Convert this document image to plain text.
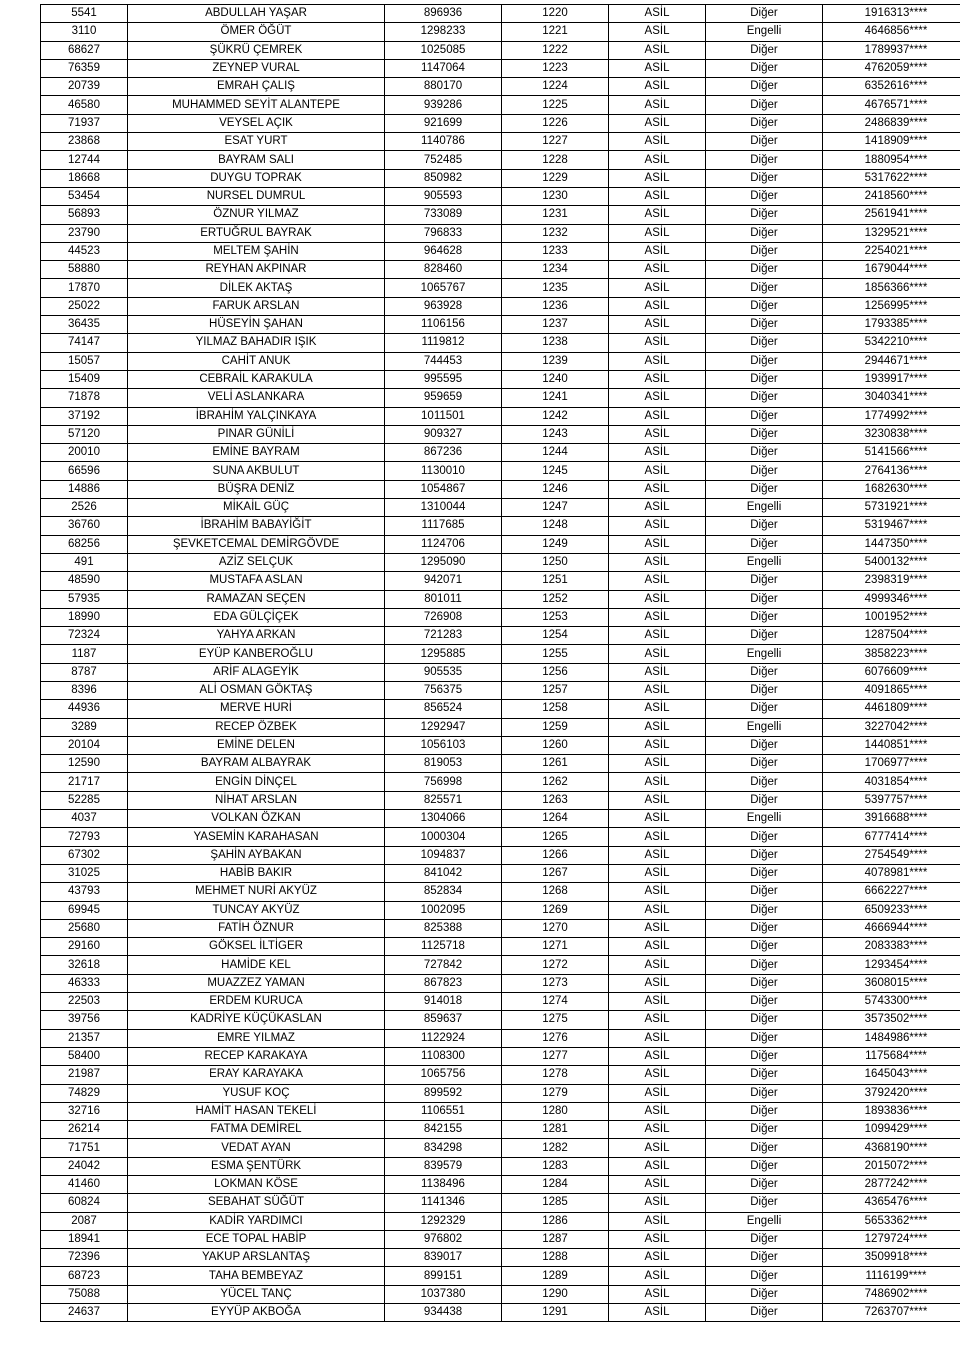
5541	ABDULLAH YAŞAR	896936	1220	ASİL	Diğer	1916313****
3110	ÖMER ÖĞÜT	1298233	1221	ASİL	Engelli	4646856****
68627	ŞÜKRÜ ÇEMREK	1025085	1222	ASİL	Diğer	1789937****
76359	ZEYNEP VURAL	1147064	1223	ASİL	Diğer	4762059****
20739	EMRAH ÇALIŞ	880170	1224	ASİL	Diğer	6352616****
46580	MUHAMMED SEYİT ALANTEPE	939286	1225	ASİL	Diğer	4676571****
71937	VEYSEL AÇIK	921699	1226	ASİL	Diğer	2486839****
23868	ESAT YURT	1140786	1227	ASİL	Diğer	1418909****
12744	BAYRAM SALI	752485	1228	ASİL	Diğer	1880954****
18668	DUYGU TOPRAK	850982	1229	ASİL	Diğer	5317622****
53454	NURSEL DUMRUL	905593	1230	ASİL	Diğer	2418560****
56893	ÖZNUR YILMAZ	733089	1231	ASİL	Diğer	2561941****
23790	ERTUĞRUL BAYRAK	796833	1232	ASİL	Diğer	1329521****
44523	MELTEM ŞAHİN	964628	1233	ASİL	Diğer	2254021****
58880	REYHAN AKPINAR	828460	1234	ASİL	Diğer	1679044****
17870	DİLEK AKTAŞ	1065767	1235	ASİL	Diğer	1856366****
25022	FARUK ARSLAN	963928	1236	ASİL	Diğer	1256995****
36435	HÜSEYİN ŞAHAN	1106156	1237	ASİL	Diğer	1793385****
74147	YILMAZ BAHADIR IŞIK	1119812	1238	ASİL	Diğer	5342210****
15057	CAHİT ANUK	744453	1239	ASİL	Diğer	2944671****
15409	CEBRAİL KARAKULA	995595	1240	ASİL	Diğer	1939917****
71878	VELİ ASLANKARA	959659	1241	ASİL	Diğer	3040341****
37192	İBRAHİM YALÇINKAYA	1011501	1242	ASİL	Diğer	1774992****
57120	PINAR GÜNİLİ	909327	1243	ASİL	Diğer	3230838****
20010	EMİNE BAYRAM	867236	1244	ASİL	Diğer	5141566****
66596	SUNA AKBULUT	1130010	1245	ASİL	Diğer	2764136****
14886	BÜŞRA DENİZ	1054867	1246	ASİL	Diğer	1682630****
2526	MİKAİL GÜÇ	1310044	1247	ASİL	Engelli	5731921****
36760	İBRAHİM BABAYİĞİT	1117685	1248	ASİL	Diğer	5319467****
68256	ŞEVKETCEMAL DEMİRGÖVDE	1124706	1249	ASİL	Diğer	1447350****
491	AZİZ SELÇUK	1295090	1250	ASİL	Engelli	5400132****
48590	MUSTAFA ASLAN	942071	1251	ASİL	Diğer	2398319****
57935	RAMAZAN SEÇEN	801011	1252	ASİL	Diğer	4999346****
18990	EDA GÜLÇİÇEK	726908	1253	ASİL	Diğer	1001952****
72324	YAHYA ARKAN	721283	1254	ASİL	Diğer	1287504****
1187	EYÜP KANBEROĞLU	1295885	1255	ASİL	Engelli	3858223****
8787	ARİF ALAGEYİK	905535	1256	ASİL	Diğer	6076609****
8396	ALİ OSMAN GÖKTAŞ	756375	1257	ASİL	Diğer	4091865****
44936	MERVE HURİ	856524	1258	ASİL	Diğer	4461809****
3289	RECEP ÖZBEK	1292947	1259	ASİL	Engelli	3227042****
20104	EMİNE DELEN	1056103	1260	ASİL	Diğer	1440851****
12590	BAYRAM ALBAYRAK	819053	1261	ASİL	Diğer	1706977****
21717	ENGİN DİNÇEL	756998	1262	ASİL	Diğer	4031854****
52285	NİHAT ARSLAN	825571	1263	ASİL	Diğer	5397757****
4037	VOLKAN ÖZKAN	1304066	1264	ASİL	Engelli	3916688****
72793	YASEMİN KARAHASAN	1000304	1265	ASİL	Diğer	6777414****
67302	ŞAHİN AYBAKAN	1094837	1266	ASİL	Diğer	2754549****
31025	HABİB BAKIR	841042	1267	ASİL	Diğer	4078981****
43793	MEHMET NURİ AKYÜZ	852834	1268	ASİL	Diğer	6662227****
69945	TUNCAY AKYÜZ	1002095	1269	ASİL	Diğer	6509233****
25680	FATİH ÖZNUR	825388	1270	ASİL	Diğer	4666944****
29160	GÖKSEL İLTİGER	1125718	1271	ASİL	Diğer	2083383****
32618	HAMİDE KEL	727842	1272	ASİL	Diğer	1293454****
46333	MUAZZEZ YAMAN	867823	1273	ASİL	Diğer	3608015****
22503	ERDEM KURUCA	914018	1274	ASİL	Diğer	5743300****
39756	KADRİYE KÜÇÜKASLAN	859637	1275	ASİL	Diğer	3573502****
21357	EMRE YILMAZ	1122924	1276	ASİL	Diğer	1484986****
58400	RECEP KARAKAYA	1108300	1277	ASİL	Diğer	1175684****
21987	ERAY KARAYAKA	1065756	1278	ASİL	Diğer	1645043****
74829	YUSUF KOÇ	899592	1279	ASİL	Diğer	3792420****
32716	HAMİT HASAN TEKELİ	1106551	1280	ASİL	Diğer	1893836****
26214	FATMA DEMİREL	842155	1281	ASİL	Diğer	1099429****
71751	VEDAT AYAN	834298	1282	ASİL	Diğer	4368190****
24042	ESMA ŞENTÜRK	839579	1283	ASİL	Diğer	2015072****
41460	LOKMAN KÖSE	1138496	1284	ASİL	Diğer	2877242****
60824	SEBAHAT SÜĞÜT	1141346	1285	ASİL	Diğer	4365476****
2087	KADİR YARDIMCI	1292329	1286	ASİL	Engelli	5653362****
18941	ECE TOPAL HABİP	976802	1287	ASİL	Diğer	1279724****
72396	YAKUP ARSLANTAŞ	839017	1288	ASİL	Diğer	3509918****
68723	TAHA BEMBEYAZ	899151	1289	ASİL	Diğer	1116199****
75088	YÜCEL TANÇ	1037380	1290	ASİL	Diğer	7486902****
24637	EYYÜP AKBOĞA	934438	1291	ASİL	Diğer	7263707****
